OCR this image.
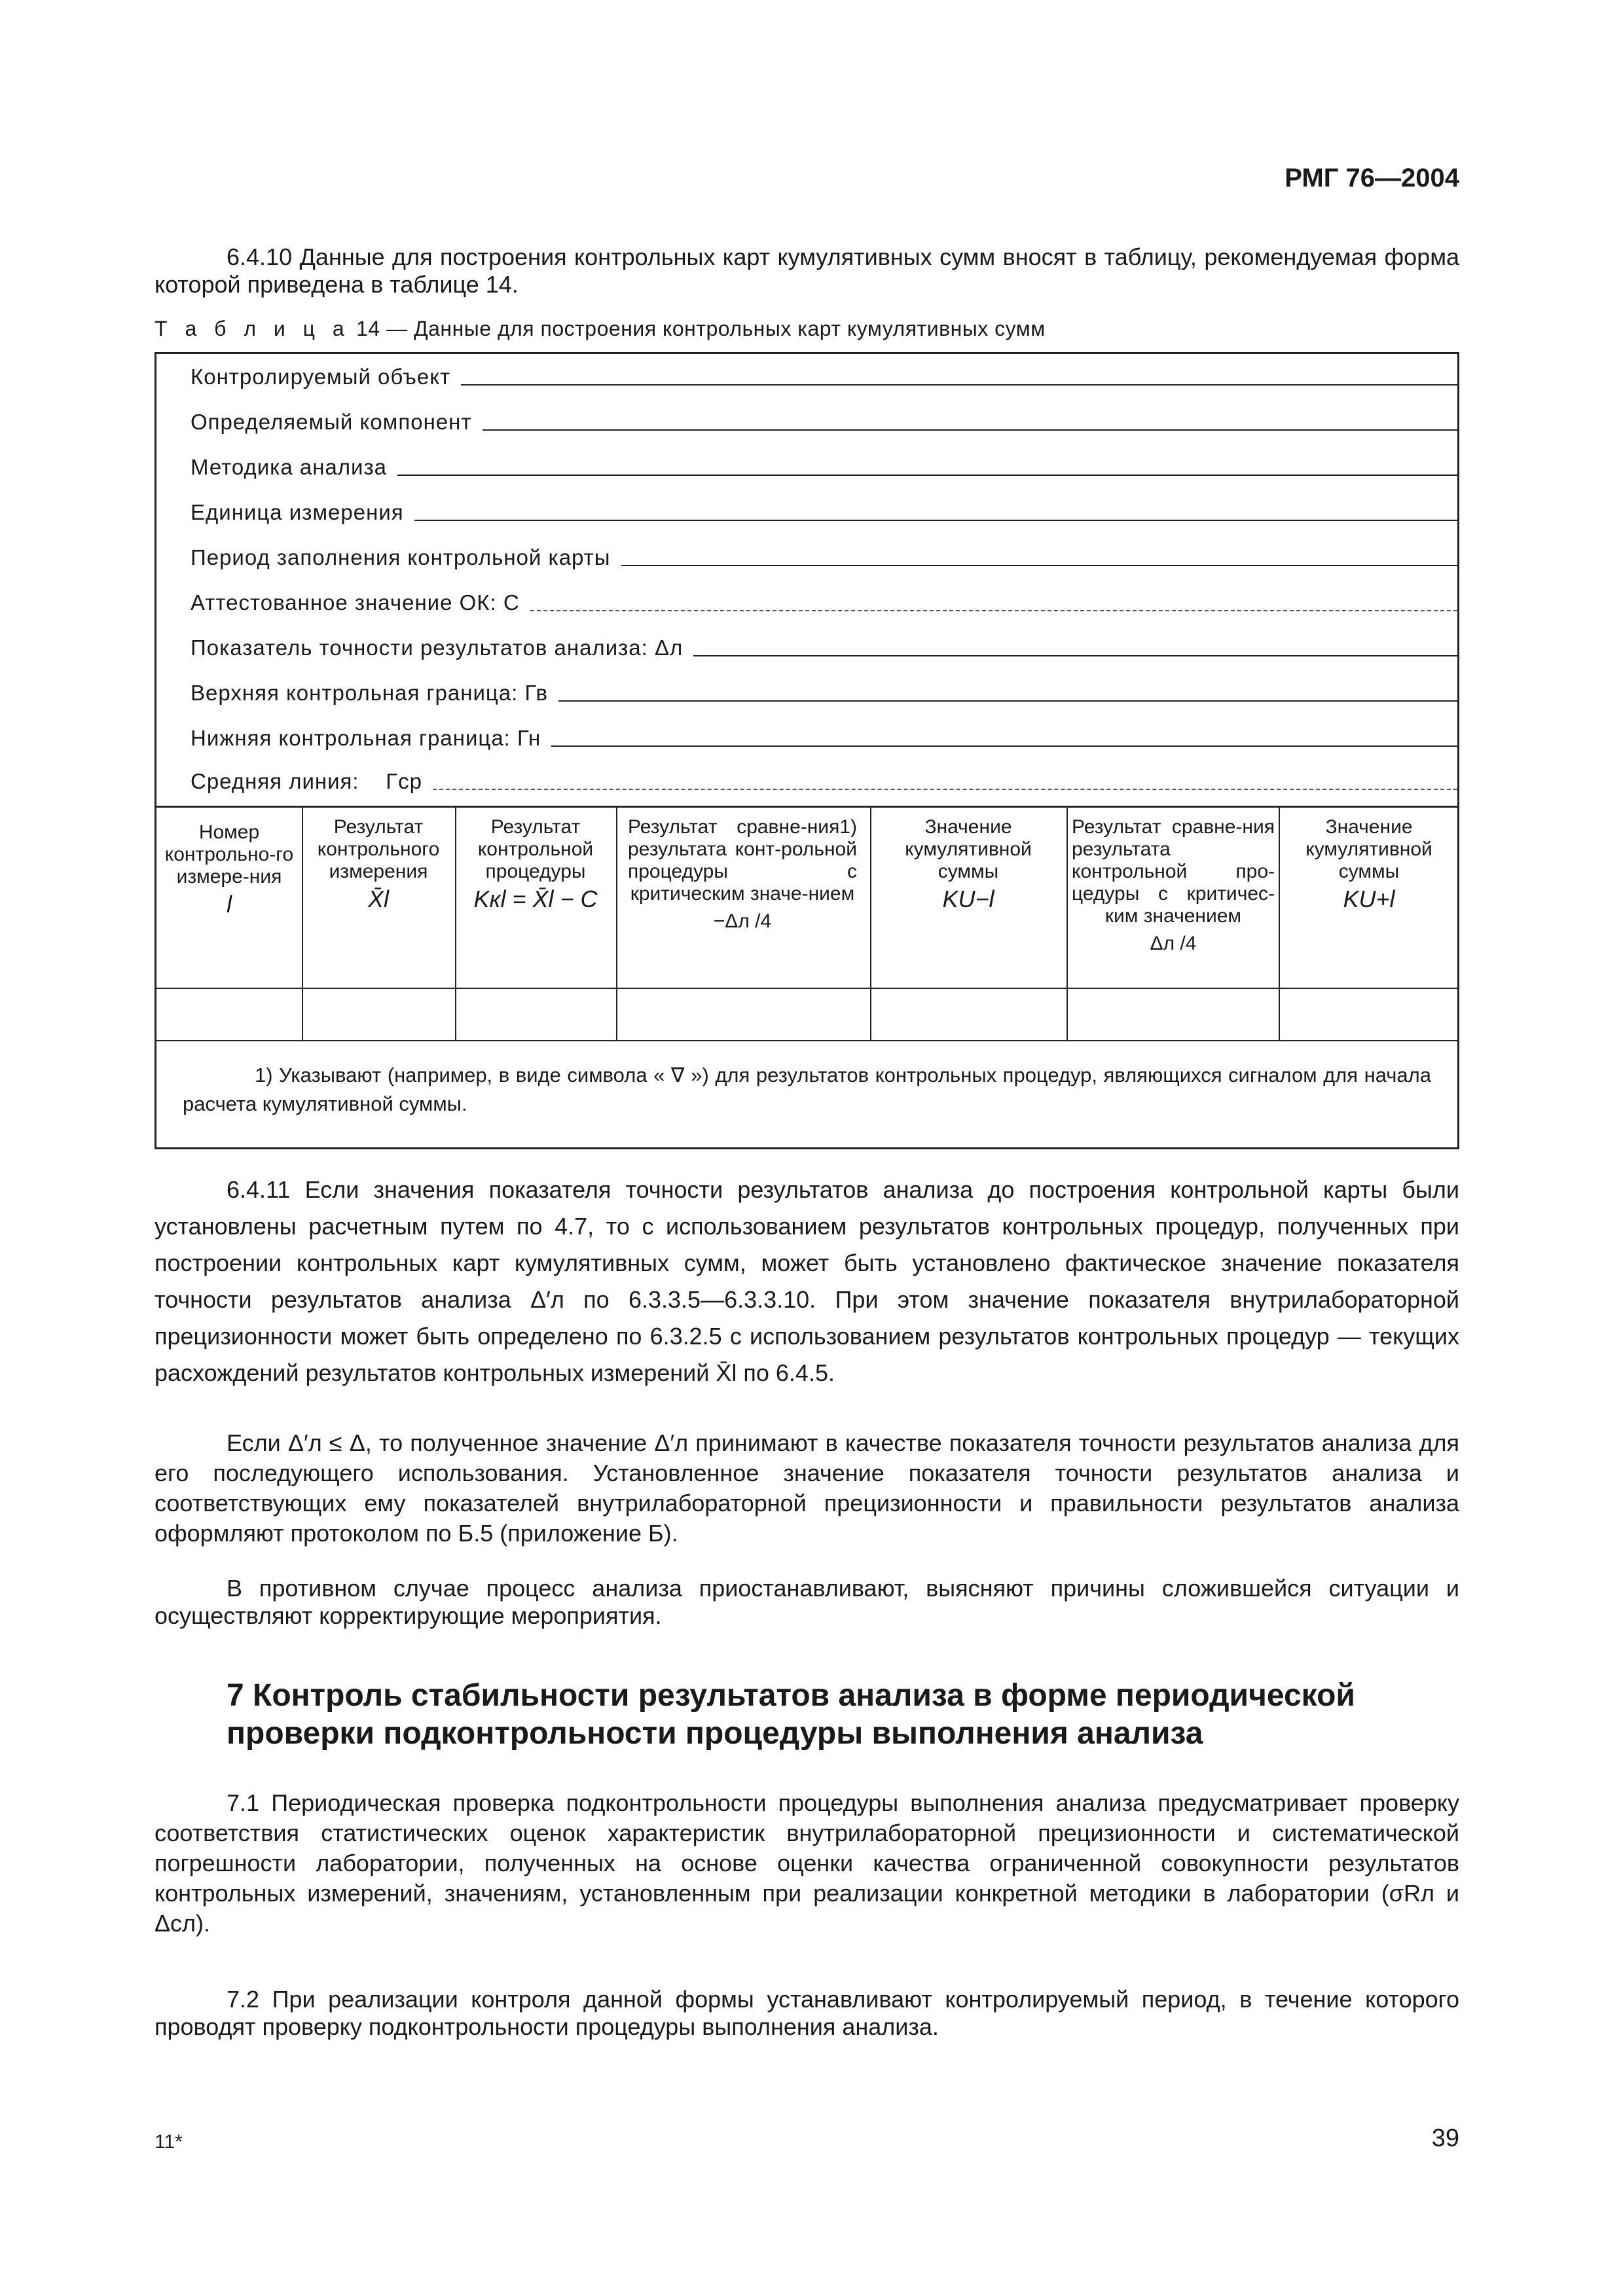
РМГ 76—2004
6.4.10 Данные для построения контрольных карт кумулятивных сумм вносят в таблицу, рекомендуемая форма которой приведена в таблице 14.
Т а б л и ц а 14 — Данные для построения контрольных карт кумулятивных сумм
Контролируемый объект
Определяемый компонент
Методика анализа
Единица измерения
Период заполнения контрольной карты
Аттестованное значение ОК: C
Показатель точности результатов анализа: Δл
Верхняя контрольная граница: Гв
Нижняя контрольная граница: Гн
Средняя линия:    Гср
Номер контрольно-го измере-ния
l
Результат контрольного измерения
X̄l
Результат контрольной процедуры
Kкl = X̄l − C
Результат сравне-ния1) результата конт-рольной процедуры с критическим значе-нием
−Δл /4
Значение кумулятивной суммы
KU−l
Результат сравне-ния результата контрольной про-цедуры с критичес-ким значением
Δл /4
Значение кумулятивной суммы
KU+l
1) Указывают (например, в виде символа « ∇ ») для результатов контрольных процедур, являющихся сигналом для начала расчета кумулятивной суммы.
6.4.11 Если значения показателя точности результатов анализа до построения контрольной карты были установлены расчетным путем по 4.7, то с использованием результатов контрольных процедур, полученных при построении контрольных карт кумулятивных сумм, может быть установлено фактическое значение показателя точности результатов анализа Δ′л по 6.3.3.5—6.3.3.10. При этом значение показателя внутрилабораторной прецизионности может быть определено по 6.3.2.5 с использованием результатов контрольных процедур — текущих расхождений результатов контрольных измерений X̄l по 6.4.5.
Если Δ′л ≤ Δ, то полученное значение Δ′л принимают в качестве показателя точности результатов анализа для его последующего использования. Установленное значение показателя точности результатов анализа и соответствующих ему показателей внутрилабораторной прецизионности и правильности результатов анализа оформляют протоколом по Б.5 (приложение Б).
В противном случае процесс анализа приостанавливают, выясняют причины сложившейся ситуации и осуществляют корректирующие мероприятия.
7 Контроль стабильности результатов анализа в форме периодической проверки подконтрольности процедуры выполнения анализа
7.1 Периодическая проверка подконтрольности процедуры выполнения анализа предусматривает проверку соответствия статистических оценок характеристик внутрилабораторной прецизионности и систематической погрешности лаборатории, полученных на основе оценки качества ограниченной совокупности результатов контрольных измерений, значениям, установленным при реализации конкретной методики в лаборатории (σRл и Δcл).
7.2 При реализации контроля данной формы устанавливают контролируемый период, в течение которого проводят проверку подконтрольности процедуры выполнения анализа.
11*	39
